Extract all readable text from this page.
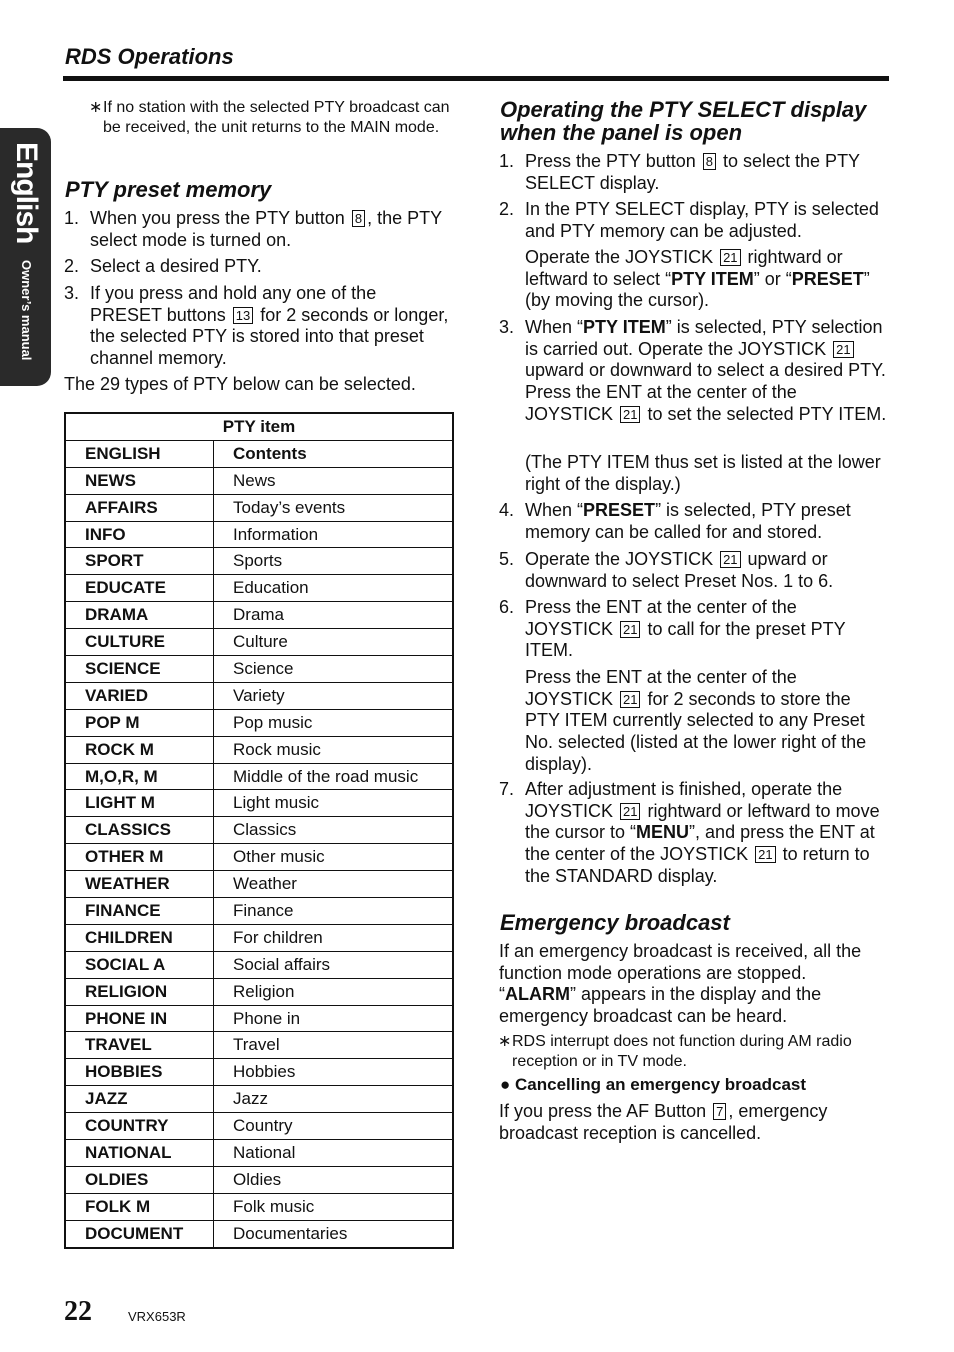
RDS Operations
English
Owner’s manual
∗ If no station with the selected PTY broadcast can be received, the unit returns to the MAIN mode.
PTY preset memory
1. When you press the PTY button 8 , the PTY select mode is turned on.
2. Select a desired PTY.
3. If you press and hold any one of the PRESET buttons 13 for 2 seconds or longer, the selected PTY is stored into that preset channel memory.
The 29 types of PTY below can be selected.
PTY item	
ENGLISH	Contents
NEWS	News
AFFAIRS	Today’s events
INFO	Information
SPORT	Sports
EDUCATE	Education
DRAMA	Drama
CULTURE	Culture
SCIENCE	Science
VARIED	Variety
POP M	Pop music
ROCK M	Rock music
M,O,R, M	Middle of the road music
LIGHT M	Light music
CLASSICS	Classics
OTHER M	Other music
WEATHER	Weather
FINANCE	Finance
CHILDREN	For children
SOCIAL A	Social affairs
RELIGION	Religion
PHONE IN	Phone in
TRAVEL	Travel
HOBBIES	Hobbies
JAZZ	Jazz
COUNTRY	Country
NATIONAL	National
OLDIES	Oldies
FOLK M	Folk music
DOCUMENT	Documentaries
Operating the PTY SELECT display when the panel is open
1. Press the PTY button 8 to select the PTY SELECT display.
2. In the PTY SELECT display, PTY is selected and PTY memory can be adjusted.
Operate the JOYSTICK 21 rightward or leftward to select “PTY ITEM” or “PRESET” (by moving the cursor).
3. When “PTY ITEM” is selected, PTY selection is carried out. Operate the JOYSTICK 21 upward or downward to select a desired PTY. Press the ENT at the center of the JOYSTICK 21 to set the selected PTY ITEM.
(The PTY ITEM thus set is listed at the lower right of the display.)
4. When “PRESET” is selected, PTY preset memory can be called for and stored.
5. Operate the JOYSTICK 21 upward or downward to select Preset Nos. 1 to 6.
6. Press the ENT at the center of the JOYSTICK 21 to call for the preset PTY ITEM.
Press the ENT at the center of the JOYSTICK 21 for 2 seconds to store the PTY ITEM currently selected to any Preset No. selected (listed at the lower right of the display).
7. After adjustment is finished, operate the JOYSTICK 21 rightward or leftward to move the cursor to “MENU”, and press the ENT at the center of the JOYSTICK 21 to return to the STANDARD display.
Emergency broadcast
If an emergency broadcast is received, all the function mode operations are stopped. “ALARM” appears in the display and the emergency broadcast can be heard.
∗ RDS interrupt does not function during AM radio reception or in TV mode.
● Cancelling an emergency broadcast
If you press the AF Button 7 , emergency broadcast reception is cancelled.
22	VRX653R
